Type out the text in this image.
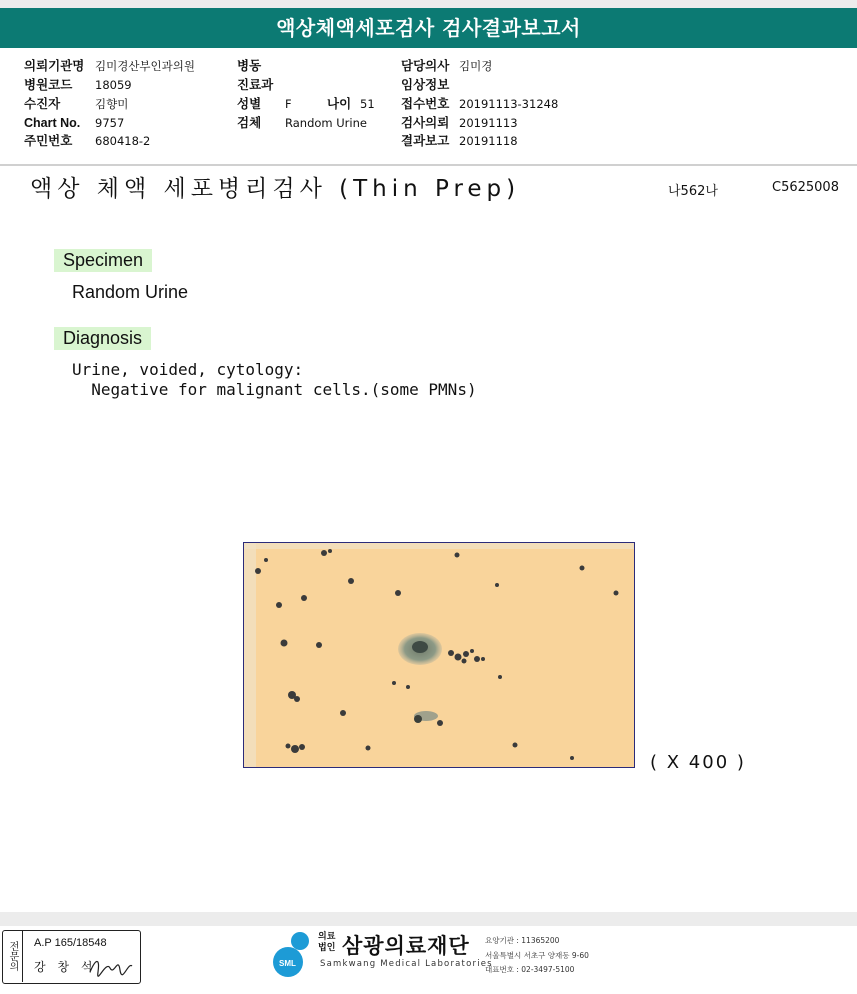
액상체액세포검사 검사결과보고서
의뢰기관명 김미경산부인과의원
병원코드 18059
수진자	김향미
Chart No. 9757
주민번호 680418-2
병동
진료과
성별 F	나이 51
검체 Random Urine
담당의사 김미경
임상정보
접수번호 20191113-31248
검사의뢰 20191113
결과보고 20191118
액상 체액 세포병리검사 (Thin Prep)	나562나	C5625008
Specimen
Random Urine
Diagnosis
Urine, voided, cytology:
Negative for malignant cells.(some PMNs)
( X 400 )
전문의	A.P 165/18548
강 창 석	SML
의료
법인 삼광의료재단
Samkwang Medical Laboratories
요양기관 : 11365200
서울특별시 서초구 양재동 9-60
대표번호 : 02-3497-5100
